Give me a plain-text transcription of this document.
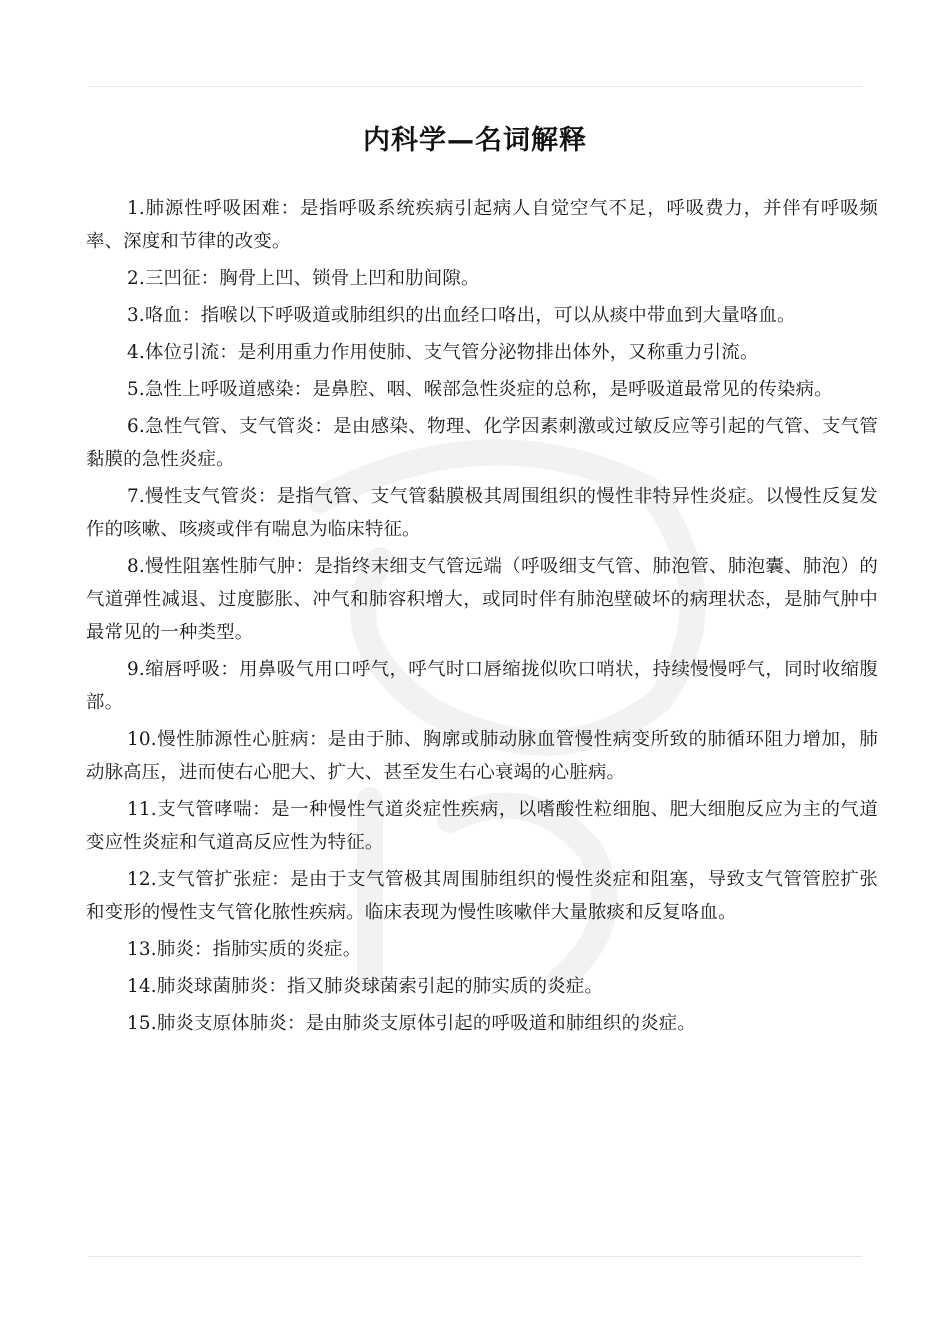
内科学—名词解释

1.肺源性呼吸困难：是指呼吸系统疾病引起病人自觉空气不足，呼吸费力，并伴有呼吸频率、深度和节律的改变。

2.三凹征：胸骨上凹、锁骨上凹和肋间隙。

3.咯血：指喉以下呼吸道或肺组织的出血经口咯出，可以从痰中带血到大量咯血。

4.体位引流：是利用重力作用使肺、支气管分泌物排出体外，又称重力引流。

5.急性上呼吸道感染：是鼻腔、咽、喉部急性炎症的总称，是呼吸道最常见的传染病。

6.急性气管、支气管炎：是由感染、物理、化学因素刺激或过敏反应等引起的气管、支气管黏膜的急性炎症。

7.慢性支气管炎：是指气管、支气管黏膜极其周围组织的慢性非特异性炎症。以慢性反复发作的咳嗽、咳痰或伴有喘息为临床特征。

8.慢性阻塞性肺气肿：是指终末细支气管远端（呼吸细支气管、肺泡管、肺泡囊、肺泡）的气道弹性减退、过度膨胀、冲气和肺容积增大，或同时伴有肺泡壁破坏的病理状态，是肺气肿中最常见的一种类型。

9.缩唇呼吸：用鼻吸气用口呼气，呼气时口唇缩拢似吹口哨状，持续慢慢呼气，同时收缩腹部。

10.慢性肺源性心脏病：是由于肺、胸廓或肺动脉血管慢性病变所致的肺循环阻力增加，肺动脉高压，进而使右心肥大、扩大、甚至发生右心衰竭的心脏病。

11.支气管哮喘：是一种慢性气道炎症性疾病，以嗜酸性粒细胞、肥大细胞反应为主的气道变应性炎症和气道高反应性为特征。

12.支气管扩张症：是由于支气管极其周围肺组织的慢性炎症和阻塞，导致支气管管腔扩张和变形的慢性支气管化脓性疾病。临床表现为慢性咳嗽伴大量脓痰和反复咯血。

13.肺炎：指肺实质的炎症。

14.肺炎球菌肺炎：指又肺炎球菌索引起的肺实质的炎症。

15.肺炎支原体肺炎：是由肺炎支原体引起的呼吸道和肺组织的炎症。
